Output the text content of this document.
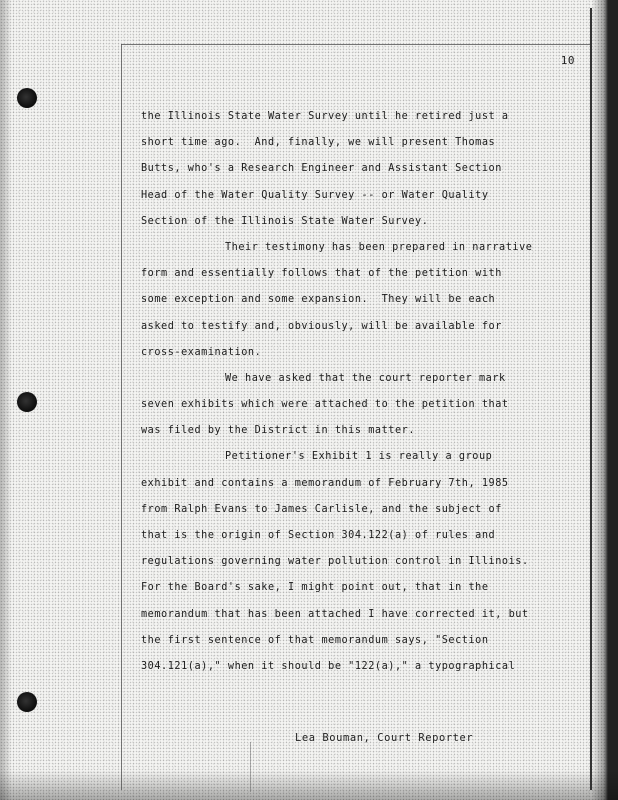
10
the Illinois State Water Survey until he retired just a
short time ago.  And, finally, we will present Thomas
Butts, who's a Research Engineer and Assistant Section
Head of the Water Quality Survey -- or Water Quality
Section of the Illinois State Water Survey.
Their testimony has been prepared in narrative
form and essentially follows that of the petition with
some exception and some expansion.  They will be each
asked to testify and, obviously, will be available for
cross-examination.
We have asked that the court reporter mark
seven exhibits which were attached to the petition that
was filed by the District in this matter.
Petitioner's Exhibit 1 is really a group
exhibit and contains a memorandum of February 7th, 1985
from Ralph Evans to James Carlisle, and the subject of
that is the origin of Section 304.122(a) of rules and
regulations governing water pollution control in Illinois.
For the Board's sake, I might point out, that in the
memorandum that has been attached I have corrected it, but
the first sentence of that memorandum says, "Section
304.121(a)," when it should be "122(a)," a typographical
Lea Bouman, Court Reporter
